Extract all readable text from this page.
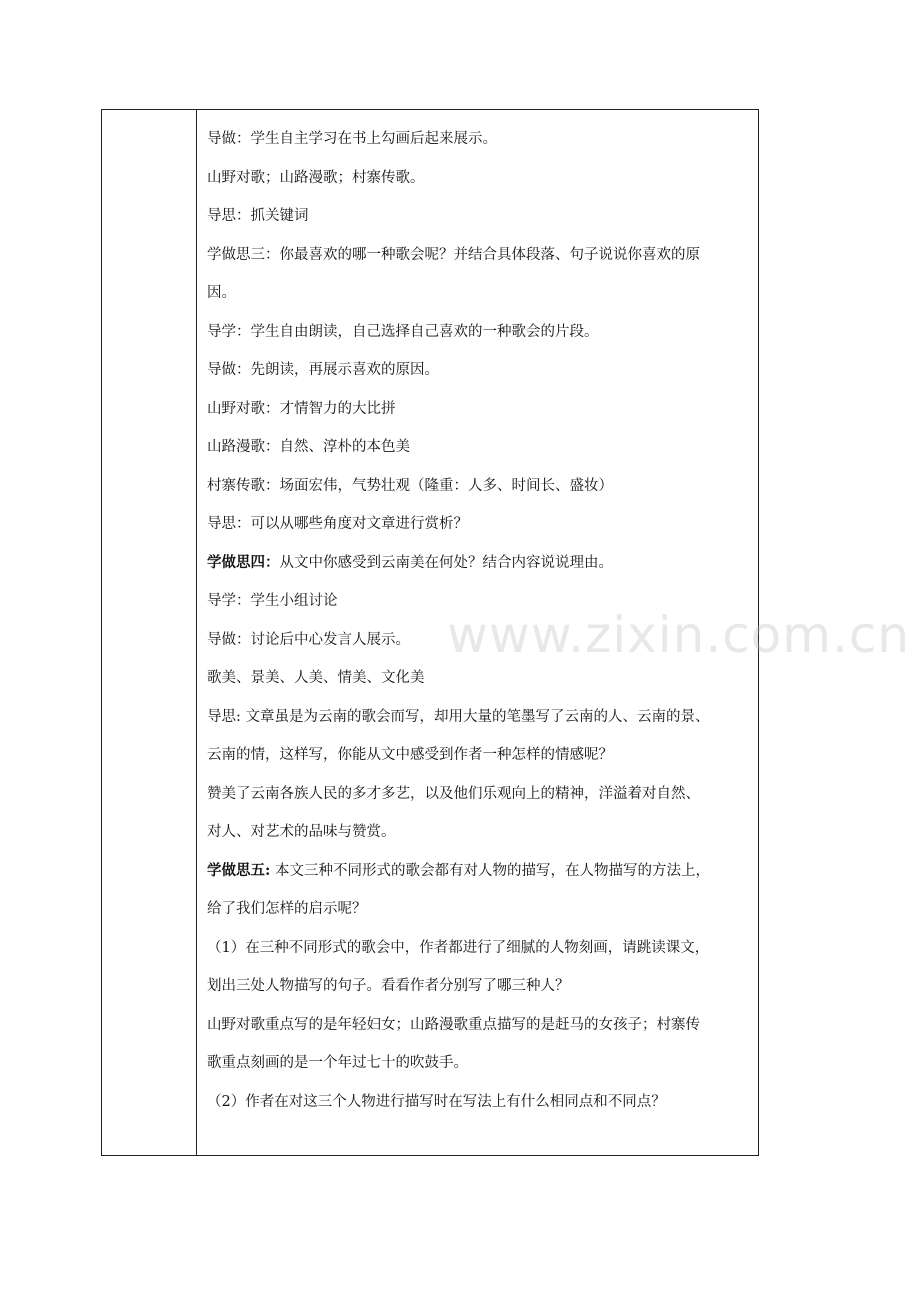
导做：学生自主学习在书上勾画后起来展示。
山野对歌；山路漫歌；村寨传歌。
导思：抓关键词
学做思三：你最喜欢的哪一种歌会呢？并结合具体段落、句子说说你喜欢的原
因。
导学：学生自由朗读，自己选择自己喜欢的一种歌会的片段。
导做：先朗读，再展示喜欢的原因。
山野对歌：才情智力的大比拼
山路漫歌：自然、淳朴的本色美
村寨传歌：场面宏伟，气势壮观（隆重：人多、时间长、盛妆）
导思：可以从哪些角度对文章进行赏析？
学做思四：从文中你感受到云南美在何处？结合内容说说理由。
导学：学生小组讨论
导做：讨论后中心发言人展示。
歌美、景美、人美、情美、文化美
导思: 文章虽是为云南的歌会而写，却用大量的笔墨写了云南的人、云南的景、
云南的情，这样写，你能从文中感受到作者一种怎样的情感呢？
赞美了云南各族人民的多才多艺，以及他们乐观向上的精神，洋溢着对自然、
对人、对艺术的品味与赞赏。
学做思五: 本文三种不同形式的歌会都有对人物的描写，在人物描写的方法上，
给了我们怎样的启示呢？
（1）在三种不同形式的歌会中，作者都进行了细腻的人物刻画，请跳读课文，
划出三处人物描写的句子。看看作者分别写了哪三种人？
山野对歌重点写的是年轻妇女；山路漫歌重点描写的是赶马的女孩子；村寨传
歌重点刻画的是一个年过七十的吹鼓手。
（2）作者在对这三个人物进行描写时在写法上有什么相同点和不同点？
www.zixin.com.cn
